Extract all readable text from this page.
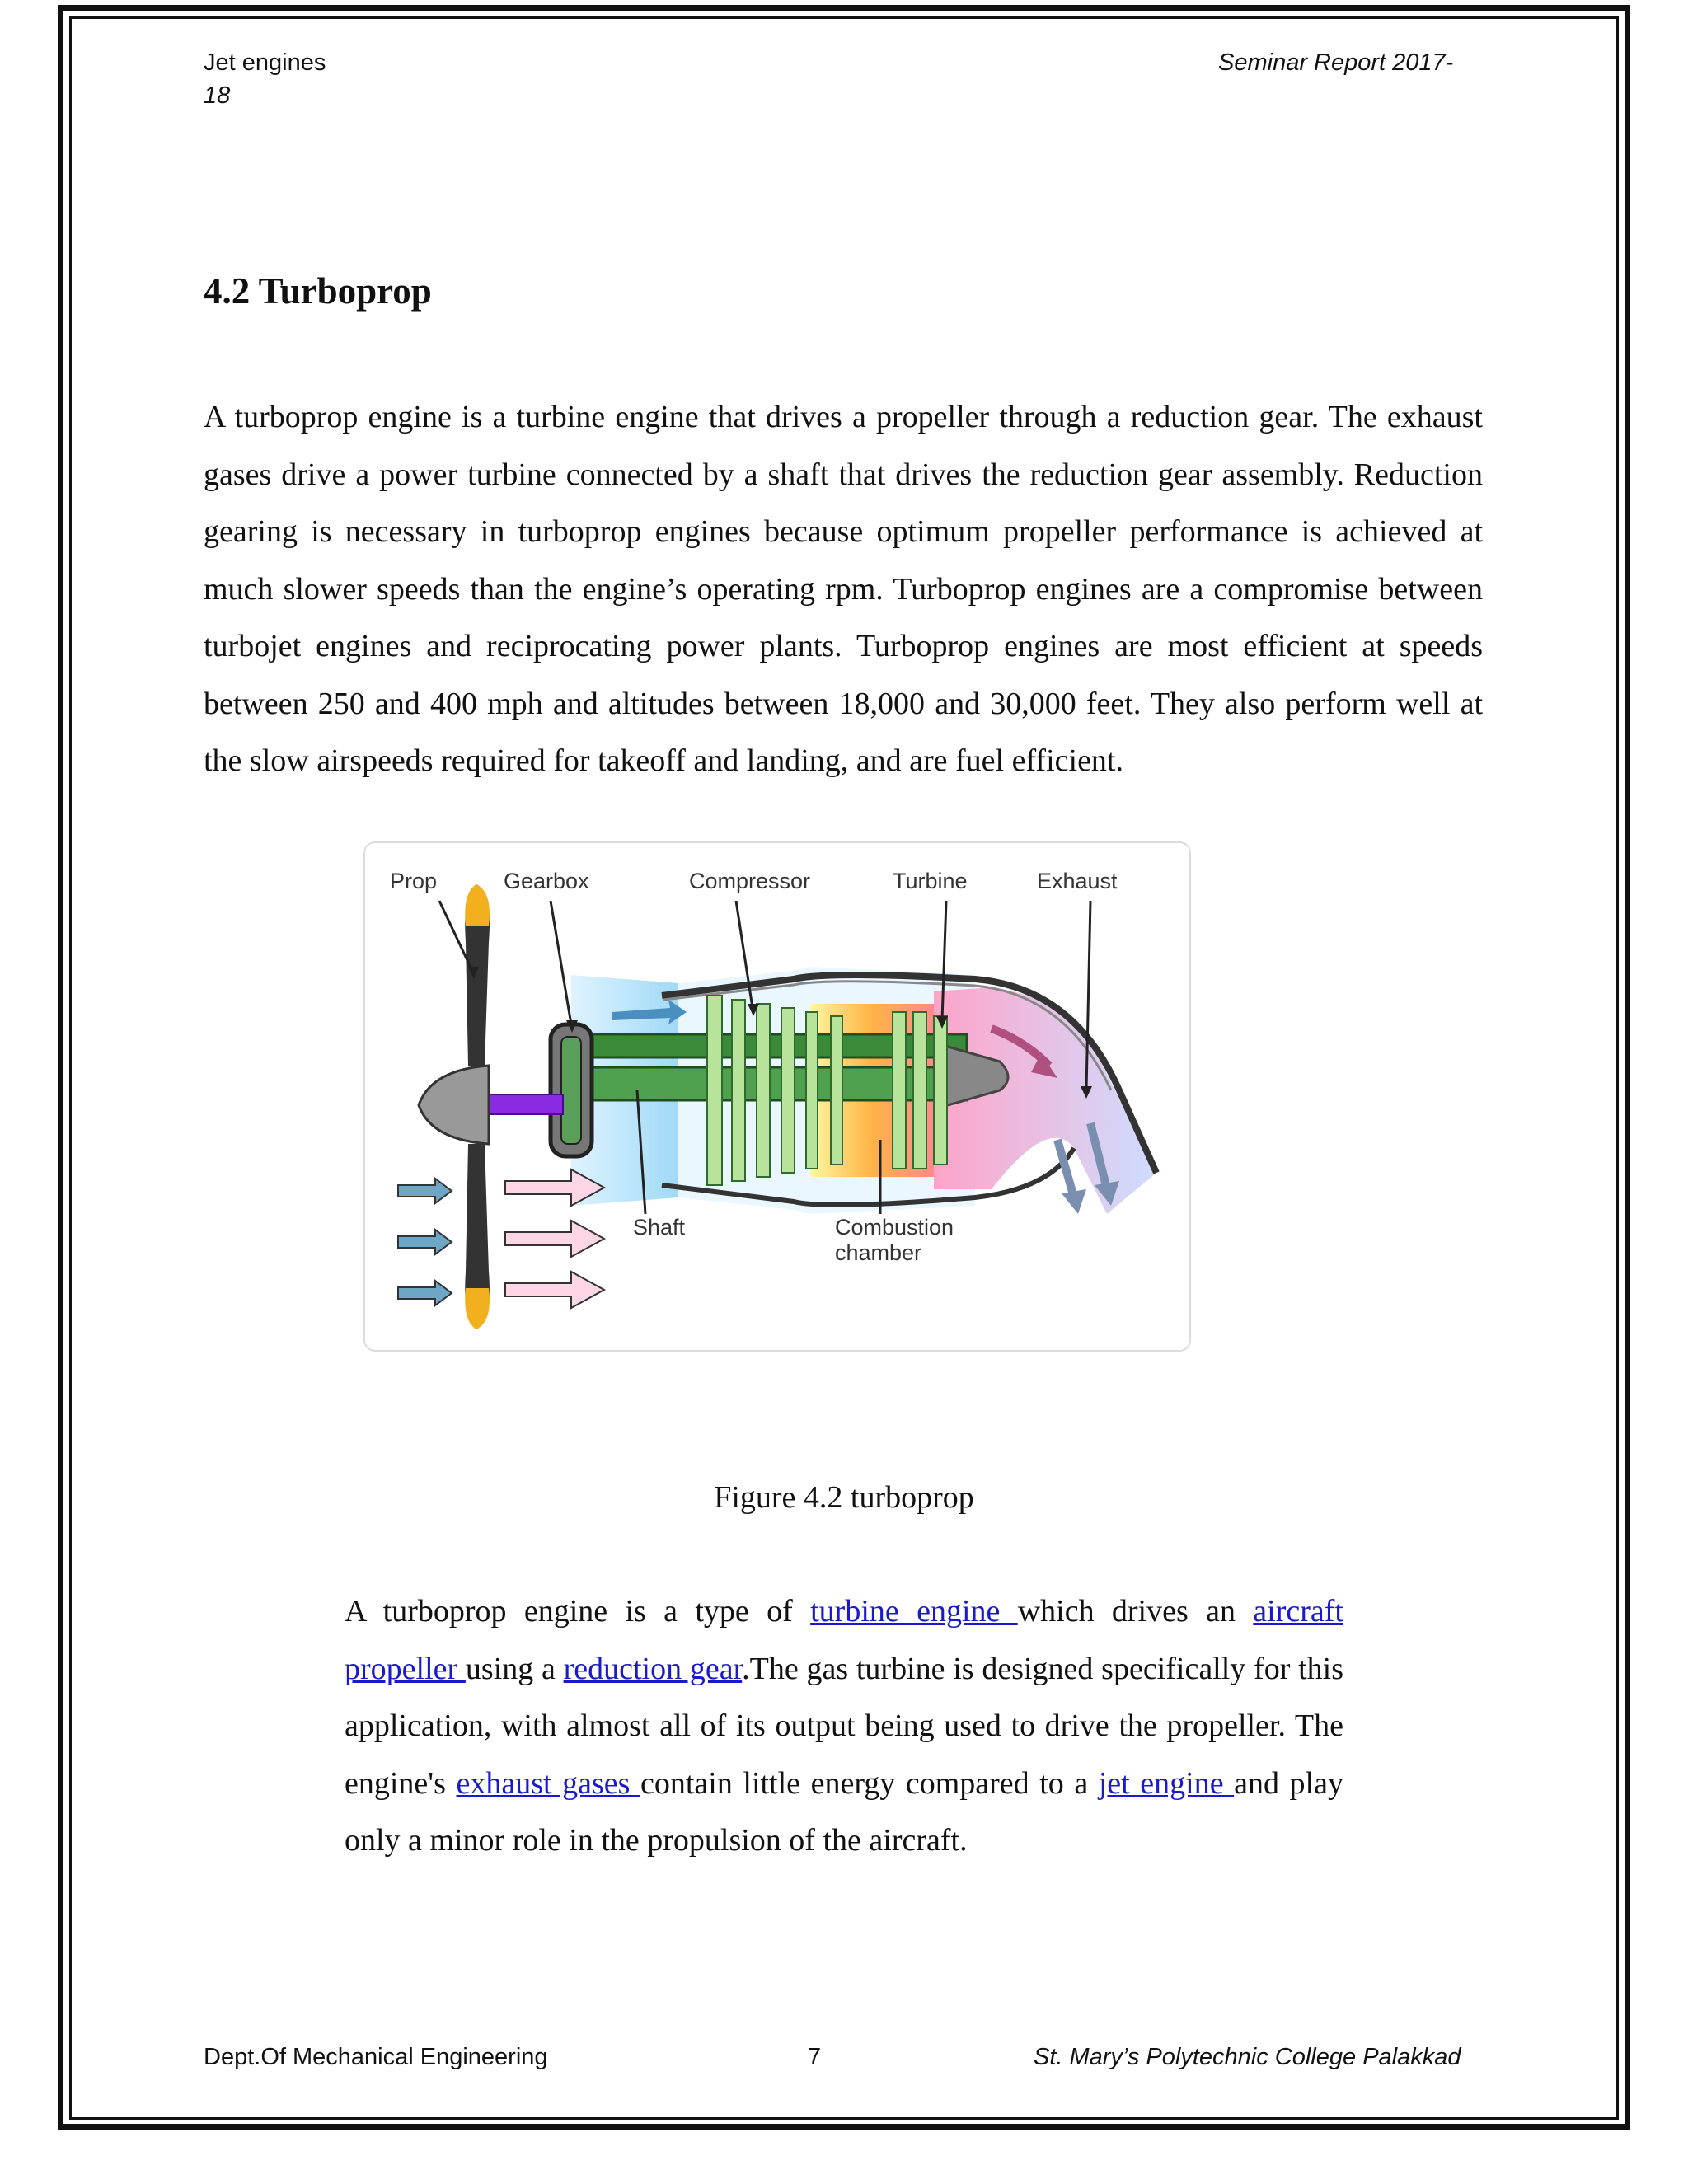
Jet engines	Seminar Report 2017-
18
4.2 Turboprop
A turboprop engine is a turbine engine that drives a propeller through a reduction gear. The exhaust gases drive a power turbine connected by a shaft that drives the reduction gear assembly. Reduction gearing is necessary in turboprop engines because optimum propeller performance is achieved at much slower speeds than the engine’s operating rpm. Turboprop engines are a compromise between turbojet engines and reciprocating power plants. Turboprop engines are most efficient at speeds between 250 and 400 mph and altitudes between 18,000 and 30,000 feet. They also perform well at the slow airspeeds required for takeoff and landing, and are fuel efficient.
Prop	Gearbox	Compressor	Turbine	Exhaust
Shaft	Combustion
chamber
Figure 4.2 turboprop
A turboprop engine is a type of turbine engine which drives an aircraft propeller using a reduction gear.The gas turbine is designed specifically for this application, with almost all of its output being used to drive the propeller. The engine's exhaust gases contain little energy compared to a jet engine and play only a minor role in the propulsion of the aircraft.
Dept.Of Mechanical Engineering	7	St. Mary’s Polytechnic College Palakkad
